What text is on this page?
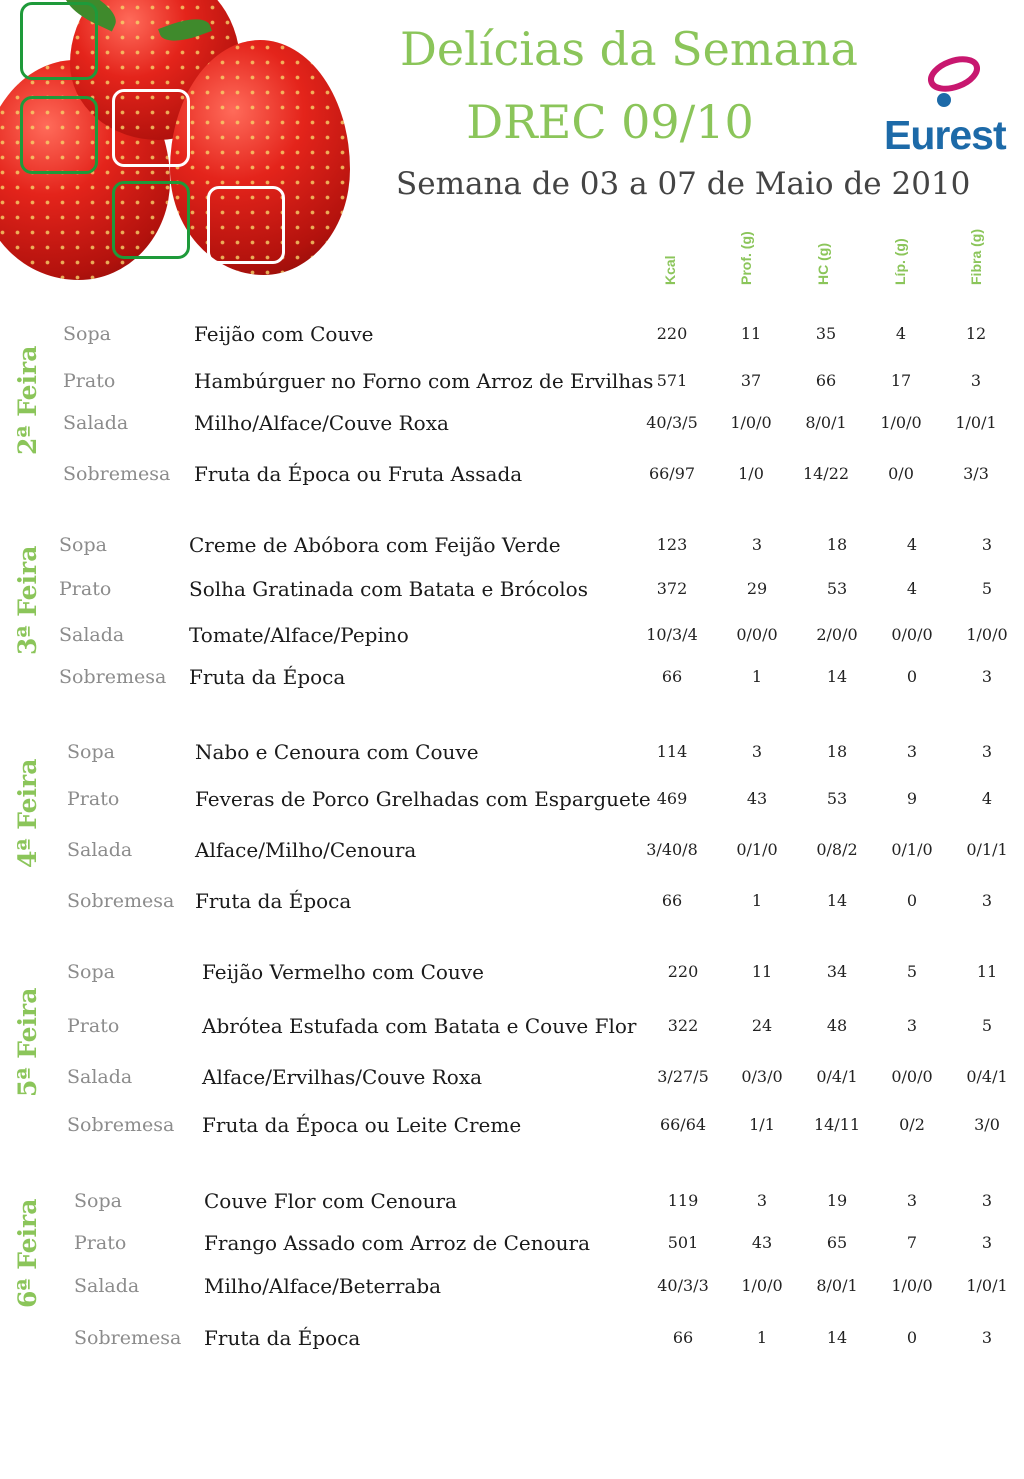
Delícias da Semana
DREC 09/10
Semana de 03 a 07 de Maio de 2010
Eurest
Kcal	Prof. (g)	HC (g)	Líp. (g)	Fibra (g)
2ª Feira
Sopa	Feijão com Couve	220	11	35	4	12
Prato	Hambúrguer no Forno com Arroz de Ervilhas 571	37	66	17	3
Salada	Milho/Alface/Couve Roxa	40/3/5	1/0/0	8/0/1	1/0/0	1/0/1
Sobremesa Fruta da Época ou Fruta Assada	66/97	1/0	14/22	0/0	3/3
3ª Feira
Sopa	Creme de Abóbora com Feijão Verde	123	3	18	4	3
Prato	Solha Gratinada com Batata e Brócolos	372	29	53	4	5
Salada	Tomate/Alface/Pepino	10/3/4	0/0/0	2/0/0	0/0/0	1/0/0
Sobremesa Fruta da Época	66	1	14	0	3
4ª Feira
Sopa	Nabo e Cenoura com Couve	114	3	18	3	3
Prato	Feveras de Porco Grelhadas com Esparguete 469	43	53	9	4
Salada	Alface/Milho/Cenoura	3/40/8	0/1/0	0/8/2	0/1/0	0/1/1
Sobremesa Fruta da Época	66	1	14	0	3
5ª Feira
Sopa	Feijão Vermelho com Couve	220	11	34	5	11
Prato	Abrótea Estufada com Batata e Couve Flor	322	24	48	3	5
Salada	Alface/Ervilhas/Couve Roxa	3/27/5	0/3/0	0/4/1	0/0/0	0/4/1
Sobremesa Fruta da Época ou Leite Creme	66/64	1/1	14/11	0/2	3/0
6ª Feira Sopa	Couve Flor com Cenoura	119	3	19	3	3
Prato	Frango Assado com Arroz de Cenoura	501	43	65	7	3
Salada	Milho/Alface/Beterraba	40/3/3	1/0/0	8/0/1	1/0/0	1/0/1
Sobremesa Fruta da Época	66	1	14	0	3
